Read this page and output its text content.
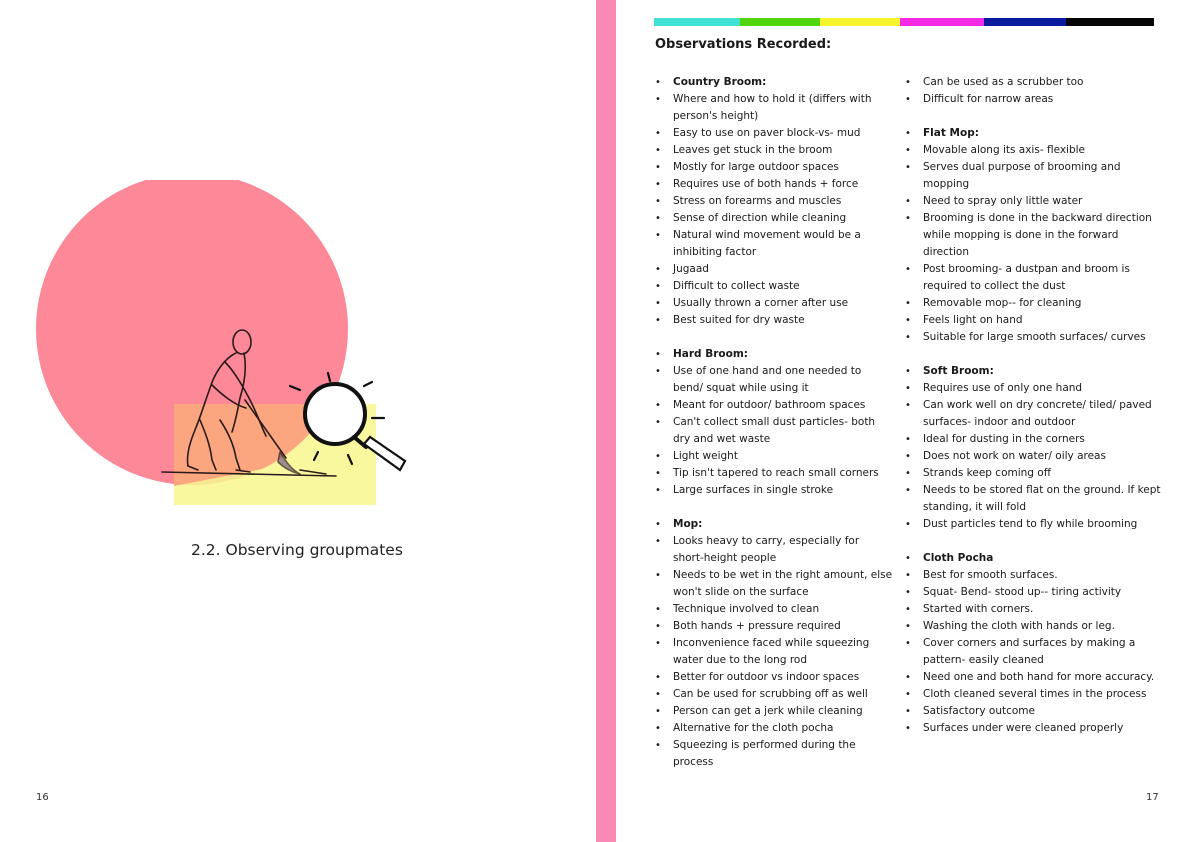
2.2. Observing groupmates
16
Observations Recorded:
• Country Broom:
• Where and how to hold it (differs with person's height)
• Easy to use on paver block-vs- mud
• Leaves get stuck in the broom
• Mostly for large outdoor spaces
• Requires use of both hands + force
• Stress on forearms and muscles
• Sense of direction while cleaning
• Natural wind movement would be a inhibiting factor
• Jugaad
• Difficult to collect waste
• Usually thrown a corner after use
• Best suited for dry waste
• Hard Broom:
• Use of one hand and one needed to bend/ squat while using it
• Meant for outdoor/ bathroom spaces
• Can't collect small dust particles- both dry and wet waste
• Light weight
• Tip isn't tapered to reach small corners
• Large surfaces in single stroke
• Mop:
• Looks heavy to carry, especially for short-height people
• Needs to be wet in the right amount, else won't slide on the surface
• Technique involved to clean
• Both hands + pressure required
• Inconvenience faced while squeezing water due to the long rod
• Better for outdoor vs indoor spaces
• Can be used for scrubbing off as well
• Person can get a jerk while cleaning
• Alternative for the cloth pocha
• Squeezing is performed during the process
• Can be used as a scrubber too
• Difficult for narrow areas
• Flat Mop:
• Movable along its axis- flexible
• Serves dual purpose of brooming and mopping
• Need to spray only little water
• Brooming is done in the backward direction while mopping is done in the forward direction
• Post brooming- a dustpan and broom is required to collect the dust
• Removable mop-- for cleaning
• Feels light on hand
• Suitable for large smooth surfaces/ curves
• Soft Broom:
• Requires use of only one hand
• Can work well on dry concrete/ tiled/ paved surfaces- indoor and outdoor
• Ideal for dusting in the corners
• Does not work on water/ oily areas
• Strands keep coming off
• Needs to be stored flat on the ground. If kept standing, it will fold
• Dust particles tend to fly while brooming
• Cloth Pocha
• Best for smooth surfaces.
• Squat- Bend- stood up-- tiring activity
• Started with corners.
• Washing the cloth with hands or leg.
• Cover corners and surfaces by making a pattern- easily cleaned
• Need one and both hand for more accuracy.
• Cloth cleaned several times in the process
• Satisfactory outcome
• Surfaces under were cleaned properly
17
